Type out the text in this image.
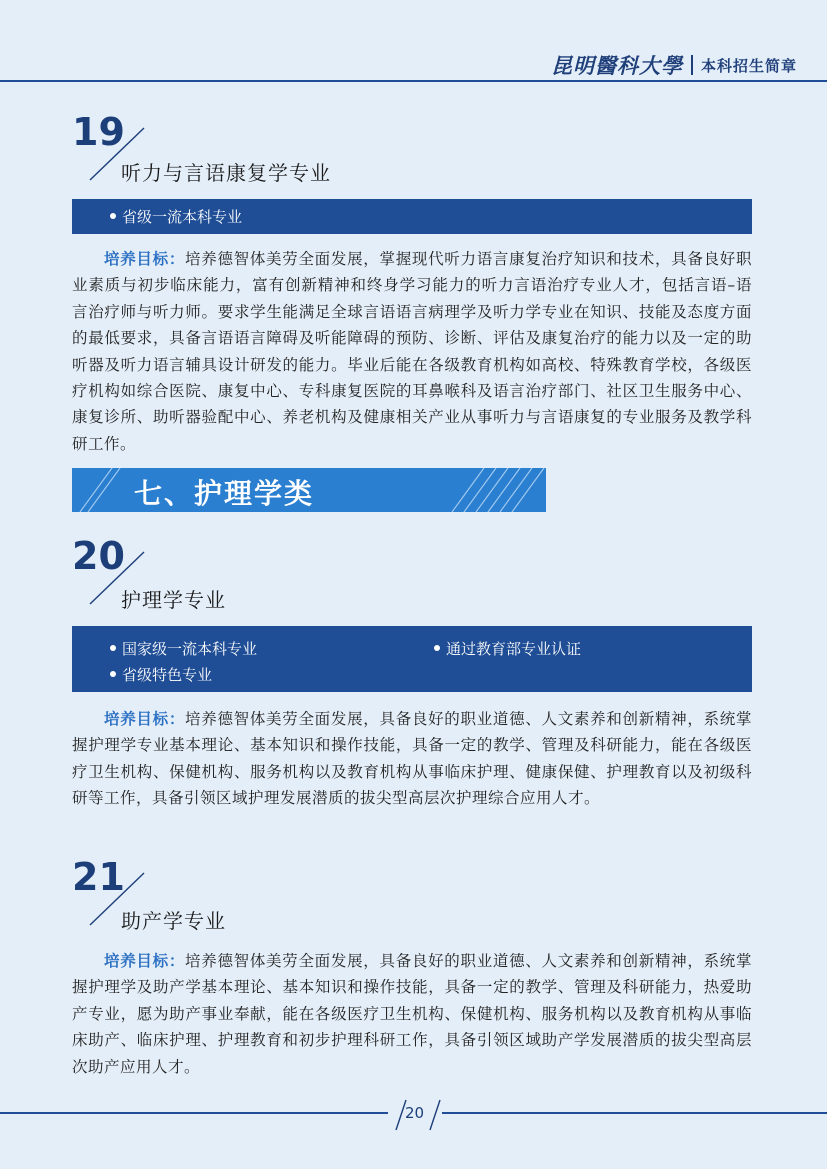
昆明醫科大學 本科招生简章
19
听力与言语康复学专业
省级一流本科专业
培养目标：培养德智体美劳全面发展，掌握现代听力语言康复治疗知识和技术，具备良好职业素质与初步临床能力，富有创新精神和终身学习能力的听力言语治疗专业人才，包括言语–语言治疗师与听力师。要求学生能满足全球言语语言病理学及听力学专业在知识、技能及态度方面的最低要求，具备言语语言障碍及听能障碍的预防、诊断、评估及康复治疗的能力以及一定的助听器及听力语言辅具设计研发的能力。毕业后能在各级教育机构如高校、特殊教育学校，各级医疗机构如综合医院、康复中心、专科康复医院的耳鼻喉科及语言治疗部门、社区卫生服务中心、康复诊所、助听器验配中心、养老机构及健康相关产业从事听力与言语康复的专业服务及教学科研工作。
七、护理学类
20
护理学专业
国家级一流本科专业	通过教育部专业认证
省级特色专业
培养目标：培养德智体美劳全面发展，具备良好的职业道德、人文素养和创新精神，系统掌握护理学专业基本理论、基本知识和操作技能，具备一定的教学、管理及科研能力，能在各级医疗卫生机构、保健机构、服务机构以及教育机构从事临床护理、健康保健、护理教育以及初级科研等工作，具备引领区域护理发展潜质的拔尖型高层次护理综合应用人才。
21
助产学专业
培养目标：培养德智体美劳全面发展，具备良好的职业道德、人文素养和创新精神，系统掌握护理学及助产学基本理论、基本知识和操作技能，具备一定的教学、管理及科研能力，热爱助产专业，愿为助产事业奉献，能在各级医疗卫生机构、保健机构、服务机构以及教育机构从事临床助产、临床护理、护理教育和初步护理科研工作，具备引领区域助产学发展潜质的拔尖型高层次助产应用人才。
20
